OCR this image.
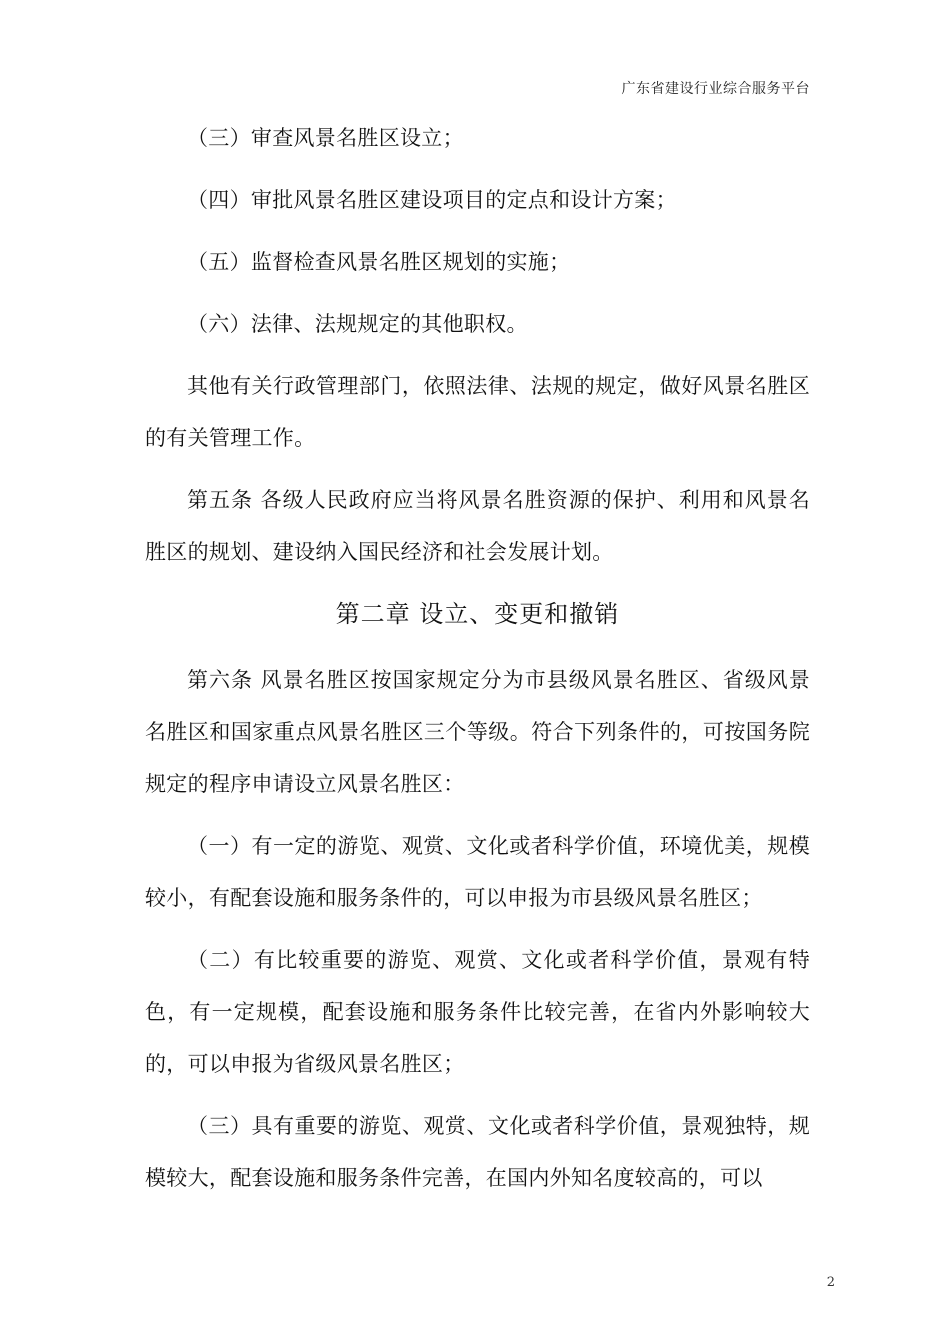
广东省建设行业综合服务平台

（三）审查风景名胜区设立；

（四）审批风景名胜区建设项目的定点和设计方案；

（五）监督检查风景名胜区规划的实施；

（六）法律、法规规定的其他职权。

其他有关行政管理部门，依照法律、法规的规定，做好风景名胜区的有关管理工作。

第五条 各级人民政府应当将风景名胜资源的保护、利用和风景名胜区的规划、建设纳入国民经济和社会发展计划。

第二章 设立、变更和撤销

第六条 风景名胜区按国家规定分为市县级风景名胜区、省级风景名胜区和国家重点风景名胜区三个等级。符合下列条件的，可按国务院规定的程序申请设立风景名胜区：

（一）有一定的游览、观赏、文化或者科学价值，环境优美，规模较小，有配套设施和服务条件的，可以申报为市县级风景名胜区；

（二）有比较重要的游览、观赏、文化或者科学价值，景观有特色，有一定规模，配套设施和服务条件比较完善，在省内外影响较大的，可以申报为省级风景名胜区；

（三）具有重要的游览、观赏、文化或者科学价值，景观独特，规模较大，配套设施和服务条件完善，在国内外知名度较高的，可以

2
